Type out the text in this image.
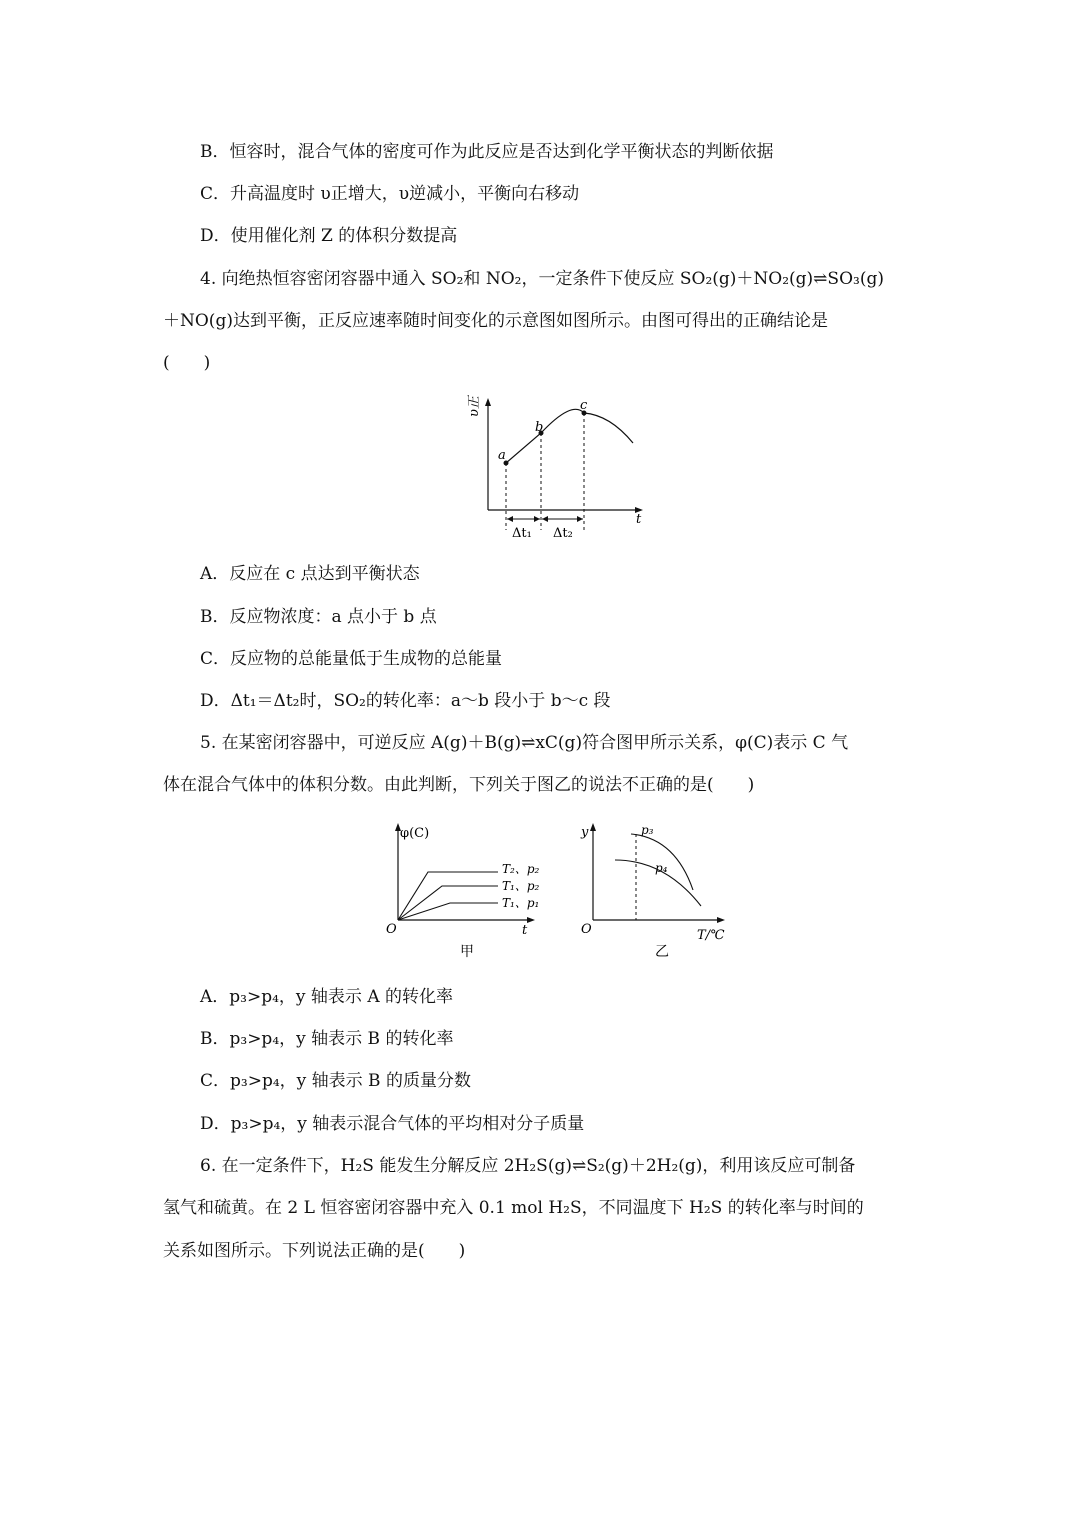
B．恒容时，混合气体的密度可作为此反应是否达到化学平衡状态的判断依据
C．升高温度时 υ正增大，υ逆减小，平衡向右移动
D．使用催化剂 Z 的体积分数提高
4. 向绝热恒容密闭容器中通入 SO₂和 NO₂，一定条件下使反应 SO₂(g)＋NO₂(g)⇌SO₃(g)
＋NO(g)达到平衡，正反应速率随时间变化的示意图如图所示。由图可得出的正确结论是
(　　)
υ正
t
a
b
c
Δt₁ Δt₂
A．反应在 c 点达到平衡状态
B．反应物浓度：a 点小于 b 点
C．反应物的总能量低于生成物的总能量
D．Δt₁＝Δt₂时，SO₂的转化率：a～b 段小于 b～c 段
5. 在某密闭容器中，可逆反应 A(g)＋B(g)⇌xC(g)符合图甲所示关系，φ(C)表示 C 气
体在混合气体中的体积分数。由此判断，下列关于图乙的说法不正确的是(　　)
φ(C)
t
O
T₂、p₂
T₁、p₂
T₁、p₁
甲
y
T/℃
O
p₃
p₄
乙
A．p₃>p₄，y 轴表示 A 的转化率
B．p₃>p₄，y 轴表示 B 的转化率
C．p₃>p₄，y 轴表示 B 的质量分数
D．p₃>p₄，y 轴表示混合气体的平均相对分子质量
6. 在一定条件下，H₂S 能发生分解反应 2H₂S(g)⇌S₂(g)＋2H₂(g)，利用该反应可制备
氢气和硫黄。在 2 L 恒容密闭容器中充入 0.1 mol H₂S，不同温度下 H₂S 的转化率与时间的
关系如图所示。下列说法正确的是(　　)
